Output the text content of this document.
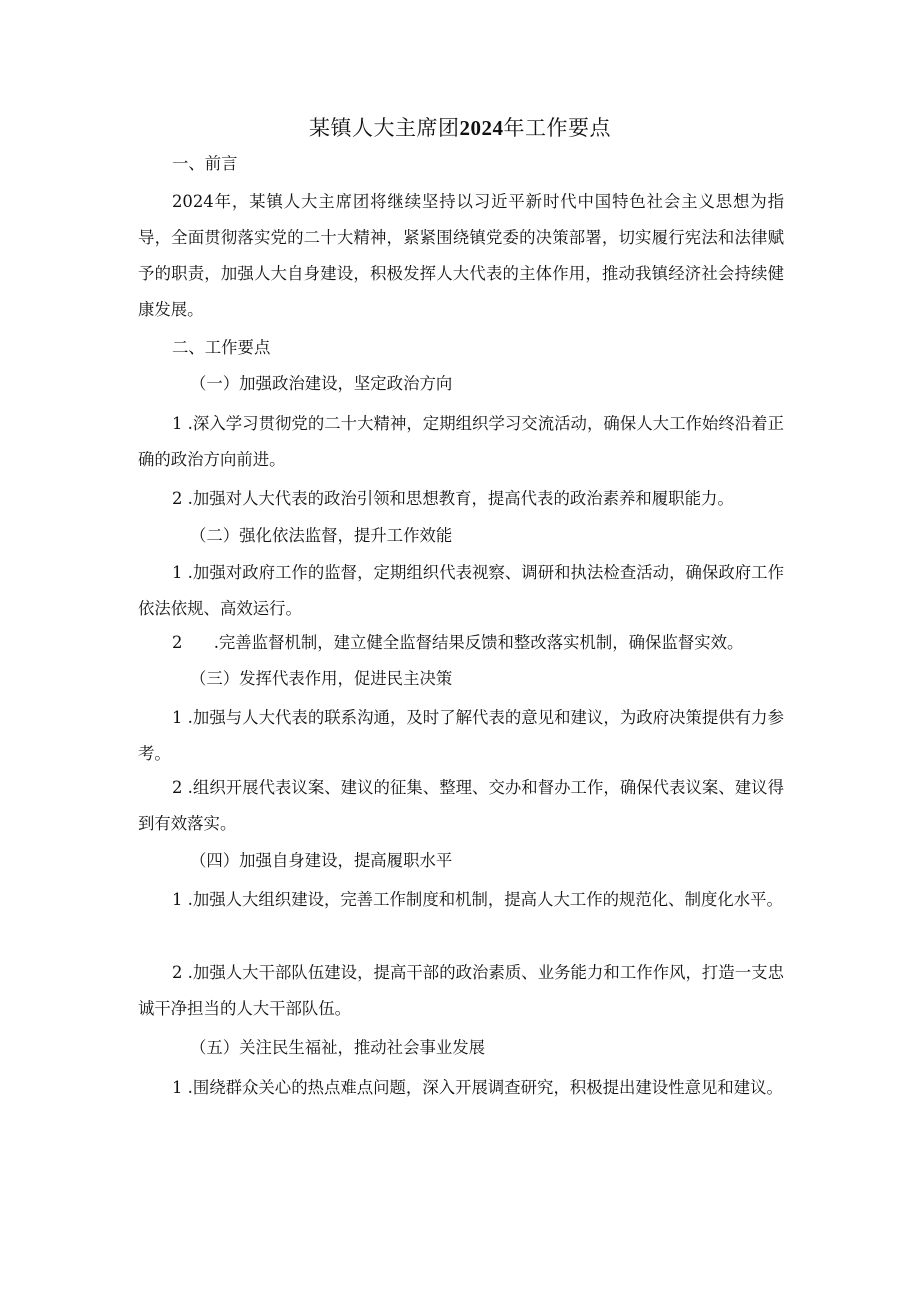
某镇人大主席团2024年工作要点

一、前言

2024年，某镇人大主席团将继续坚持以习近平新时代中国特色社会主义思想为指导，全面贯彻落实党的二十大精神，紧紧围绕镇党委的决策部署，切实履行宪法和法律赋予的职责，加强人大自身建设，积极发挥人大代表的主体作用，推动我镇经济社会持续健康发展。

二、工作要点

（一）加强政治建设，坚定政治方向

1 .深入学习贯彻党的二十大精神，定期组织学习交流活动，确保人大工作始终沿着正确的政治方向前进。

2 .加强对人大代表的政治引领和思想教育，提高代表的政治素养和履职能力。

（二）强化依法监督，提升工作效能

1 .加强对政府工作的监督，定期组织代表视察、调研和执法检查活动，确保政府工作依法依规、高效运行。

2      .完善监督机制，建立健全监督结果反馈和整改落实机制，确保监督实效。

（三）发挥代表作用，促进民主决策

1 .加强与人大代表的联系沟通，及时了解代表的意见和建议，为政府决策提供有力参考。

2 .组织开展代表议案、建议的征集、整理、交办和督办工作，确保代表议案、建议得到有效落实。

（四）加强自身建设，提高履职水平

1 .加强人大组织建设，完善工作制度和机制，提高人大工作的规范化、制度化水平。

2 .加强人大干部队伍建设，提高干部的政治素质、业务能力和工作作风，打造一支忠诚干净担当的人大干部队伍。

（五）关注民生福祉，推动社会事业发展

1 .围绕群众关心的热点难点问题，深入开展调查研究，积极提出建设性意见和建议。
